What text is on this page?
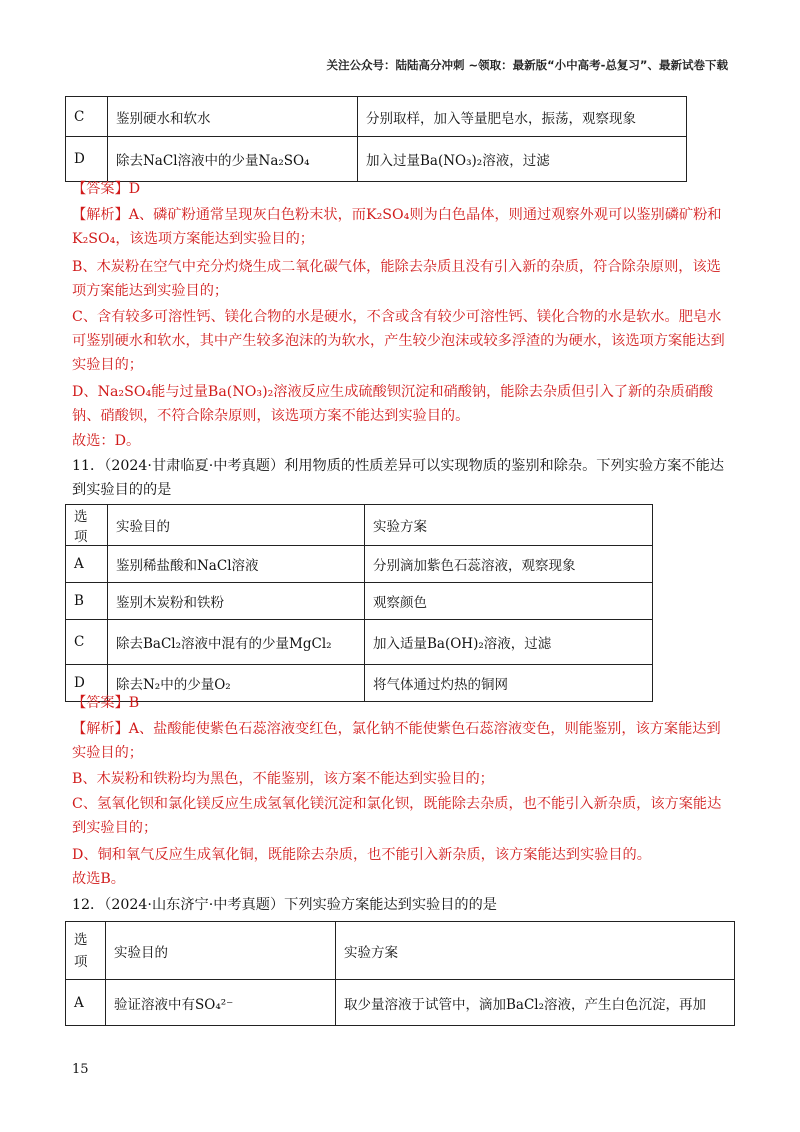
关注公众号：陆陆高分冲刺 ~领取：最新版“小中高考-总复习”、最新试卷下载
C	鉴别硬水和软水	分别取样，加入等量肥皂水，振荡，观察现象
D	除去NaCl溶液中的少量Na₂SO₄	加入过量Ba(NO₃)₂溶液，过滤
【答案】D
【解析】A、磷矿粉通常呈现灰白色粉末状，而K₂SO₄则为白色晶体，则通过观察外观可以鉴别磷矿粉和K₂SO₄，该选项方案能达到实验目的；
B、木炭粉在空气中充分灼烧生成二氧化碳气体，能除去杂质且没有引入新的杂质，符合除杂原则，该选项方案能达到实验目的；
C、含有较多可溶性钙、镁化合物的水是硬水，不含或含有较少可溶性钙、镁化合物的水是软水。肥皂水可鉴别硬水和软水，其中产生较多泡沫的为软水，产生较少泡沫或较多浮渣的为硬水，该选项方案能达到实验目的；
D、Na₂SO₄能与过量Ba(NO₃)₂溶液反应生成硫酸钡沉淀和硝酸钠，能除去杂质但引入了新的杂质硝酸钠、硝酸钡，不符合除杂原则，该选项方案不能达到实验目的。
故选：D。
11．（2024·甘肃临夏·中考真题）利用物质的性质差异可以实现物质的鉴别和除杂。下列实验方案不能达到实验目的的是
选项	实验目的	实验方案
A	鉴别稀盐酸和NaCl溶液	分别滴加紫色石蕊溶液，观察现象
B	鉴别木炭粉和铁粉	观察颜色
C	除去BaCl₂溶液中混有的少量MgCl₂	加入适量Ba(OH)₂溶液，过滤
D	除去N₂中的少量O₂	将气体通过灼热的铜网
【答案】B
【解析】A、盐酸能使紫色石蕊溶液变红色，氯化钠不能使紫色石蕊溶液变色，则能鉴别，该方案能达到实验目的；
B、木炭粉和铁粉均为黑色，不能鉴别，该方案不能达到实验目的；
C、氢氧化钡和氯化镁反应生成氢氧化镁沉淀和氯化钡，既能除去杂质，也不能引入新杂质，该方案能达到实验目的；
D、铜和氧气反应生成氧化铜，既能除去杂质，也不能引入新杂质，该方案能达到实验目的。
故选B。
12．（2024·山东济宁·中考真题）下列实验方案能达到实验目的的是
选
项	实验目的	实验方案
A	验证溶液中有SO₄²⁻	取少量溶液于试管中，滴加BaCl₂溶液，产生白色沉淀，再加
15
